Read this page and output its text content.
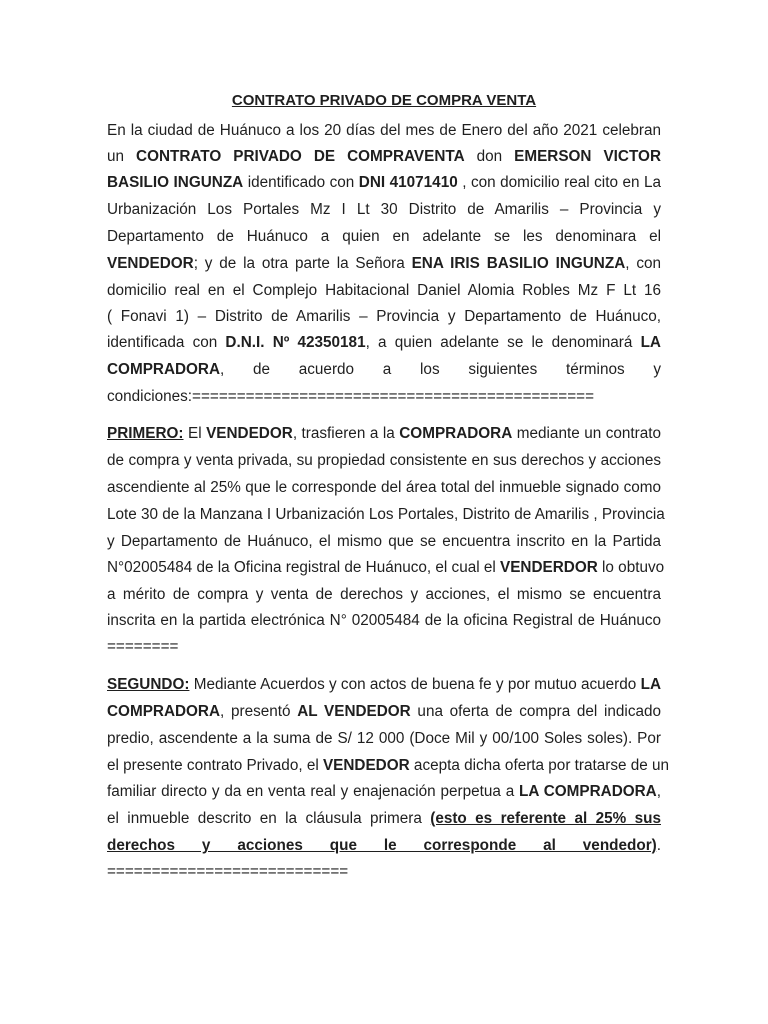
CONTRATO PRIVADO DE COMPRA VENTA
En la ciudad de Huánuco a los 20 días del mes de Enero del año 2021 celebran
un CONTRATO PRIVADO DE COMPRAVENTA don EMERSON VICTOR
BASILIO INGUNZA identificado con DNI 41071410 , con domicilio real cito en La
Urbanización Los Portales Mz I Lt 30 Distrito de Amarilis – Provincia y
Departamento de Huánuco a quien en adelante se les denominara el
VENDEDOR; y de la otra parte la Señora ENA IRIS BASILIO INGUNZA, con
domicilio real en el Complejo Habitacional Daniel Alomia Robles Mz F Lt 16
( Fonavi 1) – Distrito de Amarilis – Provincia y Departamento de Huánuco,
identificada con D.N.I. Nº 42350181, a quien adelante se le denominará LA
COMPRADORA, de acuerdo a los siguientes términos y
condiciones:=============================================
PRIMERO: El VENDEDOR, trasfieren a la COMPRADORA mediante un contrato
de compra y venta privada, su propiedad consistente en sus derechos y acciones
ascendiente al 25% que le corresponde del área total del inmueble signado como
Lote 30 de la Manzana I Urbanización Los Portales, Distrito de Amarilis , Provincia
y Departamento de Huánuco, el mismo que se encuentra inscrito en la Partida
N°02005484 de la Oficina registral de Huánuco, el cual el VENDERDOR lo obtuvo
a mérito de compra y venta de derechos y acciones, el mismo se encuentra
inscrita en la partida electrónica N° 02005484 de la oficina Registral de Huánuco
========
SEGUNDO: Mediante Acuerdos y con actos de buena fe y por mutuo acuerdo LA
COMPRADORA, presentó AL VENDEDOR una oferta de compra del indicado
predio, ascendente a la suma de S/ 12 000 (Doce Mil y 00/100 Soles soles). Por
el presente contrato Privado, el VENDEDOR acepta dicha oferta por tratarse de un
familiar directo y da en venta real y enajenación perpetua a LA COMPRADORA,
el inmueble descrito en la cláusula primera (esto es referente al 25% sus
derechos y acciones que le corresponde al vendedor).
===========================
